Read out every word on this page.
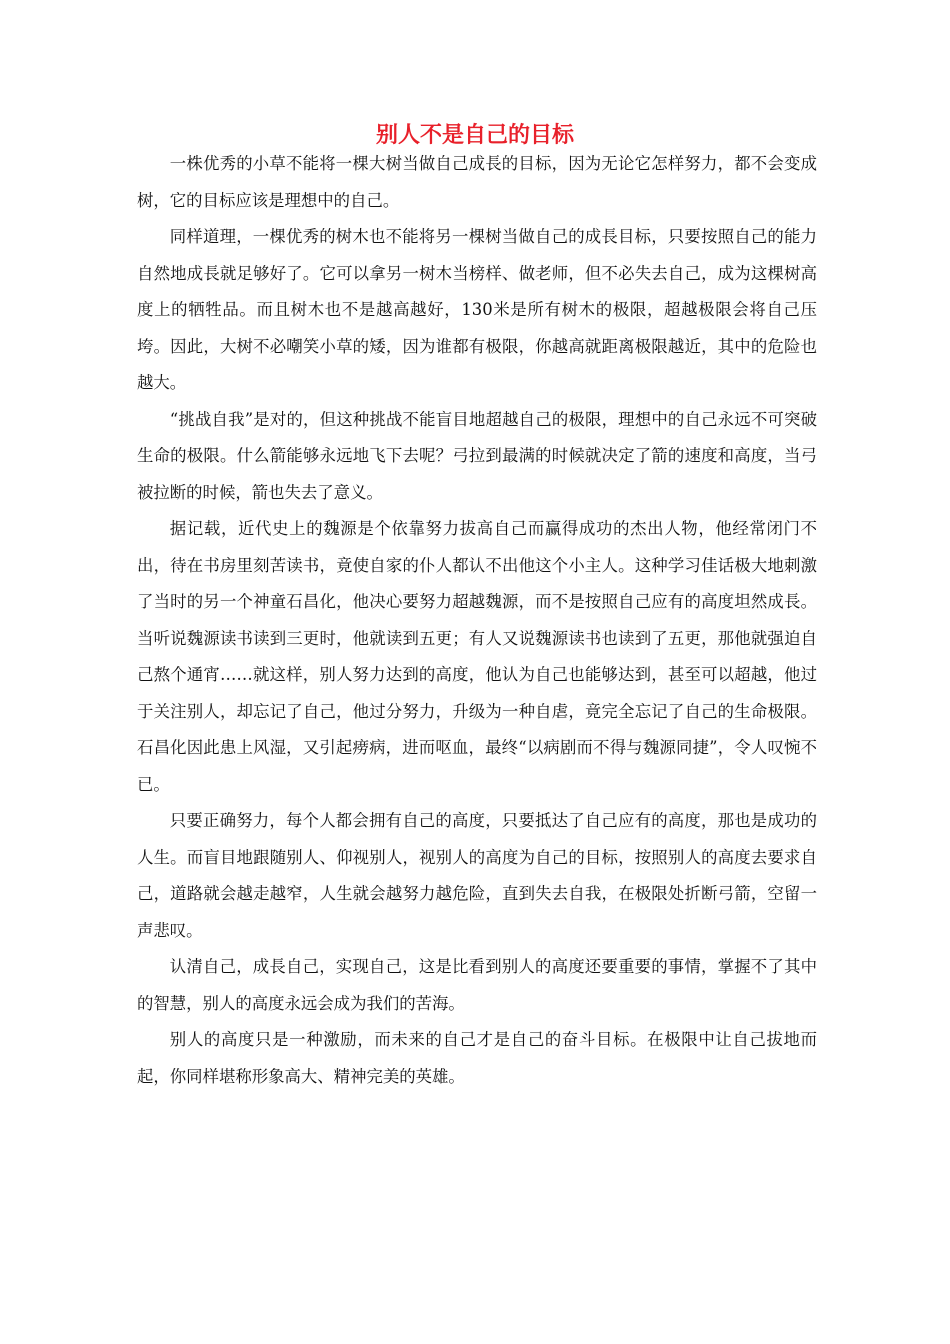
别人不是自己的目标

一株优秀的小草不能将一棵大树当做自己成長的目标，因为无论它怎样努力，都不会变成树，它的目标应该是理想中的自己。

同样道理，一棵优秀的树木也不能将另一棵树当做自己的成長目标，只要按照自己的能力自然地成長就足够好了。它可以拿另一树木当榜样、做老师，但不必失去自己，成为这棵树高度上的牺牲品。而且树木也不是越高越好，130米是所有树木的极限，超越极限会将自己压垮。因此，大树不必嘲笑小草的矮，因为谁都有极限，你越高就距离极限越近，其中的危险也越大。

“挑战自我”是对的，但这种挑战不能盲目地超越自己的极限，理想中的自己永远不可突破生命的极限。什么箭能够永远地飞下去呢？弓拉到最满的时候就决定了箭的速度和高度，当弓被拉断的时候，箭也失去了意义。

据记载，近代史上的魏源是个依靠努力拔高自己而赢得成功的杰出人物，他经常闭门不出，待在书房里刻苦读书，竟使自家的仆人都认不出他这个小主人。这种学习佳话极大地刺激了当时的另一个神童石昌化，他决心要努力超越魏源，而不是按照自己应有的高度坦然成長。当听说魏源读书读到三更时，他就读到五更；有人又说魏源读书也读到了五更，那他就强迫自己熬个通宵……就这样，别人努力达到的高度，他认为自己也能够达到，甚至可以超越，他过于关注别人，却忘记了自己，他过分努力，升级为一种自虐，竟完全忘记了自己的生命极限。石昌化因此患上风湿，又引起痨病，进而呕血，最终“以病剧而不得与魏源同捷”，令人叹惋不已。

只要正确努力，每个人都会拥有自己的高度，只要抵达了自己应有的高度，那也是成功的人生。而盲目地跟随别人、仰视别人，视别人的高度为自己的目标，按照别人的高度去要求自己，道路就会越走越窄，人生就会越努力越危险，直到失去自我，在极限处折断弓箭，空留一声悲叹。

认清自己，成長自己，实现自己，这是比看到别人的高度还要重要的事情，掌握不了其中的智慧，别人的高度永远会成为我们的苦海。

别人的高度只是一种激励，而未来的自己才是自己的奋斗目标。在极限中让自己拔地而起，你同样堪称形象高大、精神完美的英雄。
